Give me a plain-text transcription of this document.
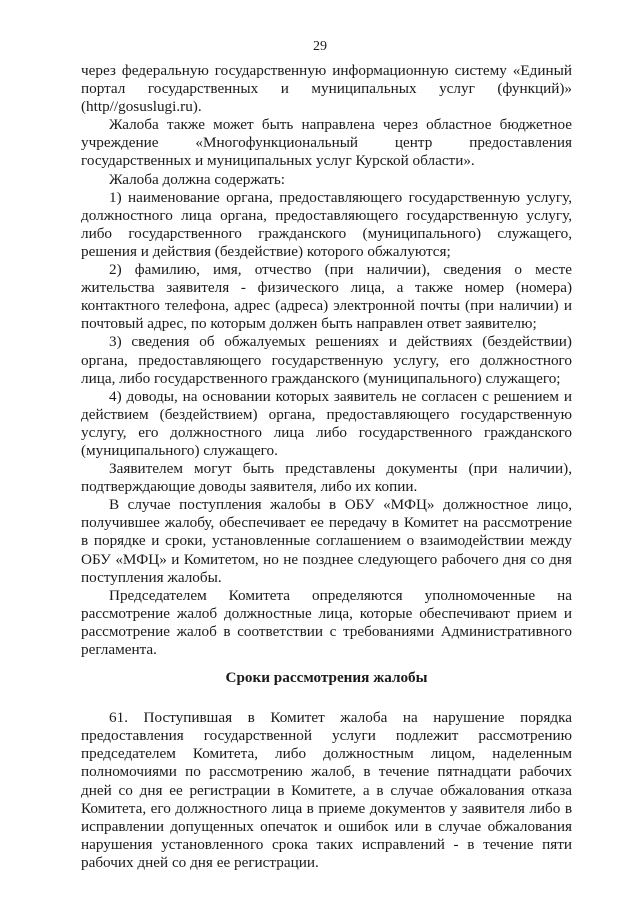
29

через федеральную государственную информационную систему «Единый портал государственных и муниципальных услуг (функций)» (http//gosuslugi.ru).

Жалоба также может быть направлена через областное бюджетное учреждение «Многофункциональный центр предоставления государственных и муниципальных услуг Курской области».

Жалоба должна содержать:

1) наименование органа, предоставляющего государственную услугу, должностного лица органа, предоставляющего государственную услугу, либо государственного гражданского (муниципального) служащего, решения и действия (бездействие) которого обжалуются;

2) фамилию, имя, отчество (при наличии), сведения о месте жительства заявителя - физического лица, а также номер (номера) контактного телефона, адрес (адреса) электронной почты (при наличии) и почтовый адрес, по которым должен быть направлен ответ заявителю;

3) сведения об обжалуемых решениях и действиях (бездействии) органа, предоставляющего государственную услугу, его должностного лица, либо государственного гражданского (муниципального) служащего;

4) доводы, на основании которых заявитель не согласен с решением и действием (бездействием) органа, предоставляющего государственную услугу, его должностного лица либо государственного гражданского (муниципального) служащего.

Заявителем могут быть представлены документы (при наличии), подтверждающие доводы заявителя, либо их копии.

В случае поступления жалобы в ОБУ «МФЦ» должностное лицо, получившее жалобу, обеспечивает ее передачу в Комитет на рассмотрение в порядке и сроки, установленные соглашением о взаимодействии между ОБУ «МФЦ» и Комитетом, но не позднее следующего рабочего дня со дня поступления жалобы.

Председателем Комитета определяются уполномоченные на рассмотрение жалоб должностные лица, которые обеспечивают прием и рассмотрение жалоб в соответствии с требованиями Административного регламента.

Сроки рассмотрения жалобы

61. Поступившая в Комитет жалоба на нарушение порядка предоставления государственной услуги подлежит рассмотрению председателем Комитета, либо должностным лицом, наделенным полномочиями по рассмотрению жалоб, в течение пятнадцати рабочих дней со дня ее регистрации в Комитете, а в случае обжалования отказа Комитета, его должностного лица в приеме документов у заявителя либо в исправлении допущенных опечаток и ошибок или в случае обжалования нарушения установленного срока таких исправлений - в течение пяти рабочих дней со дня ее регистрации.
